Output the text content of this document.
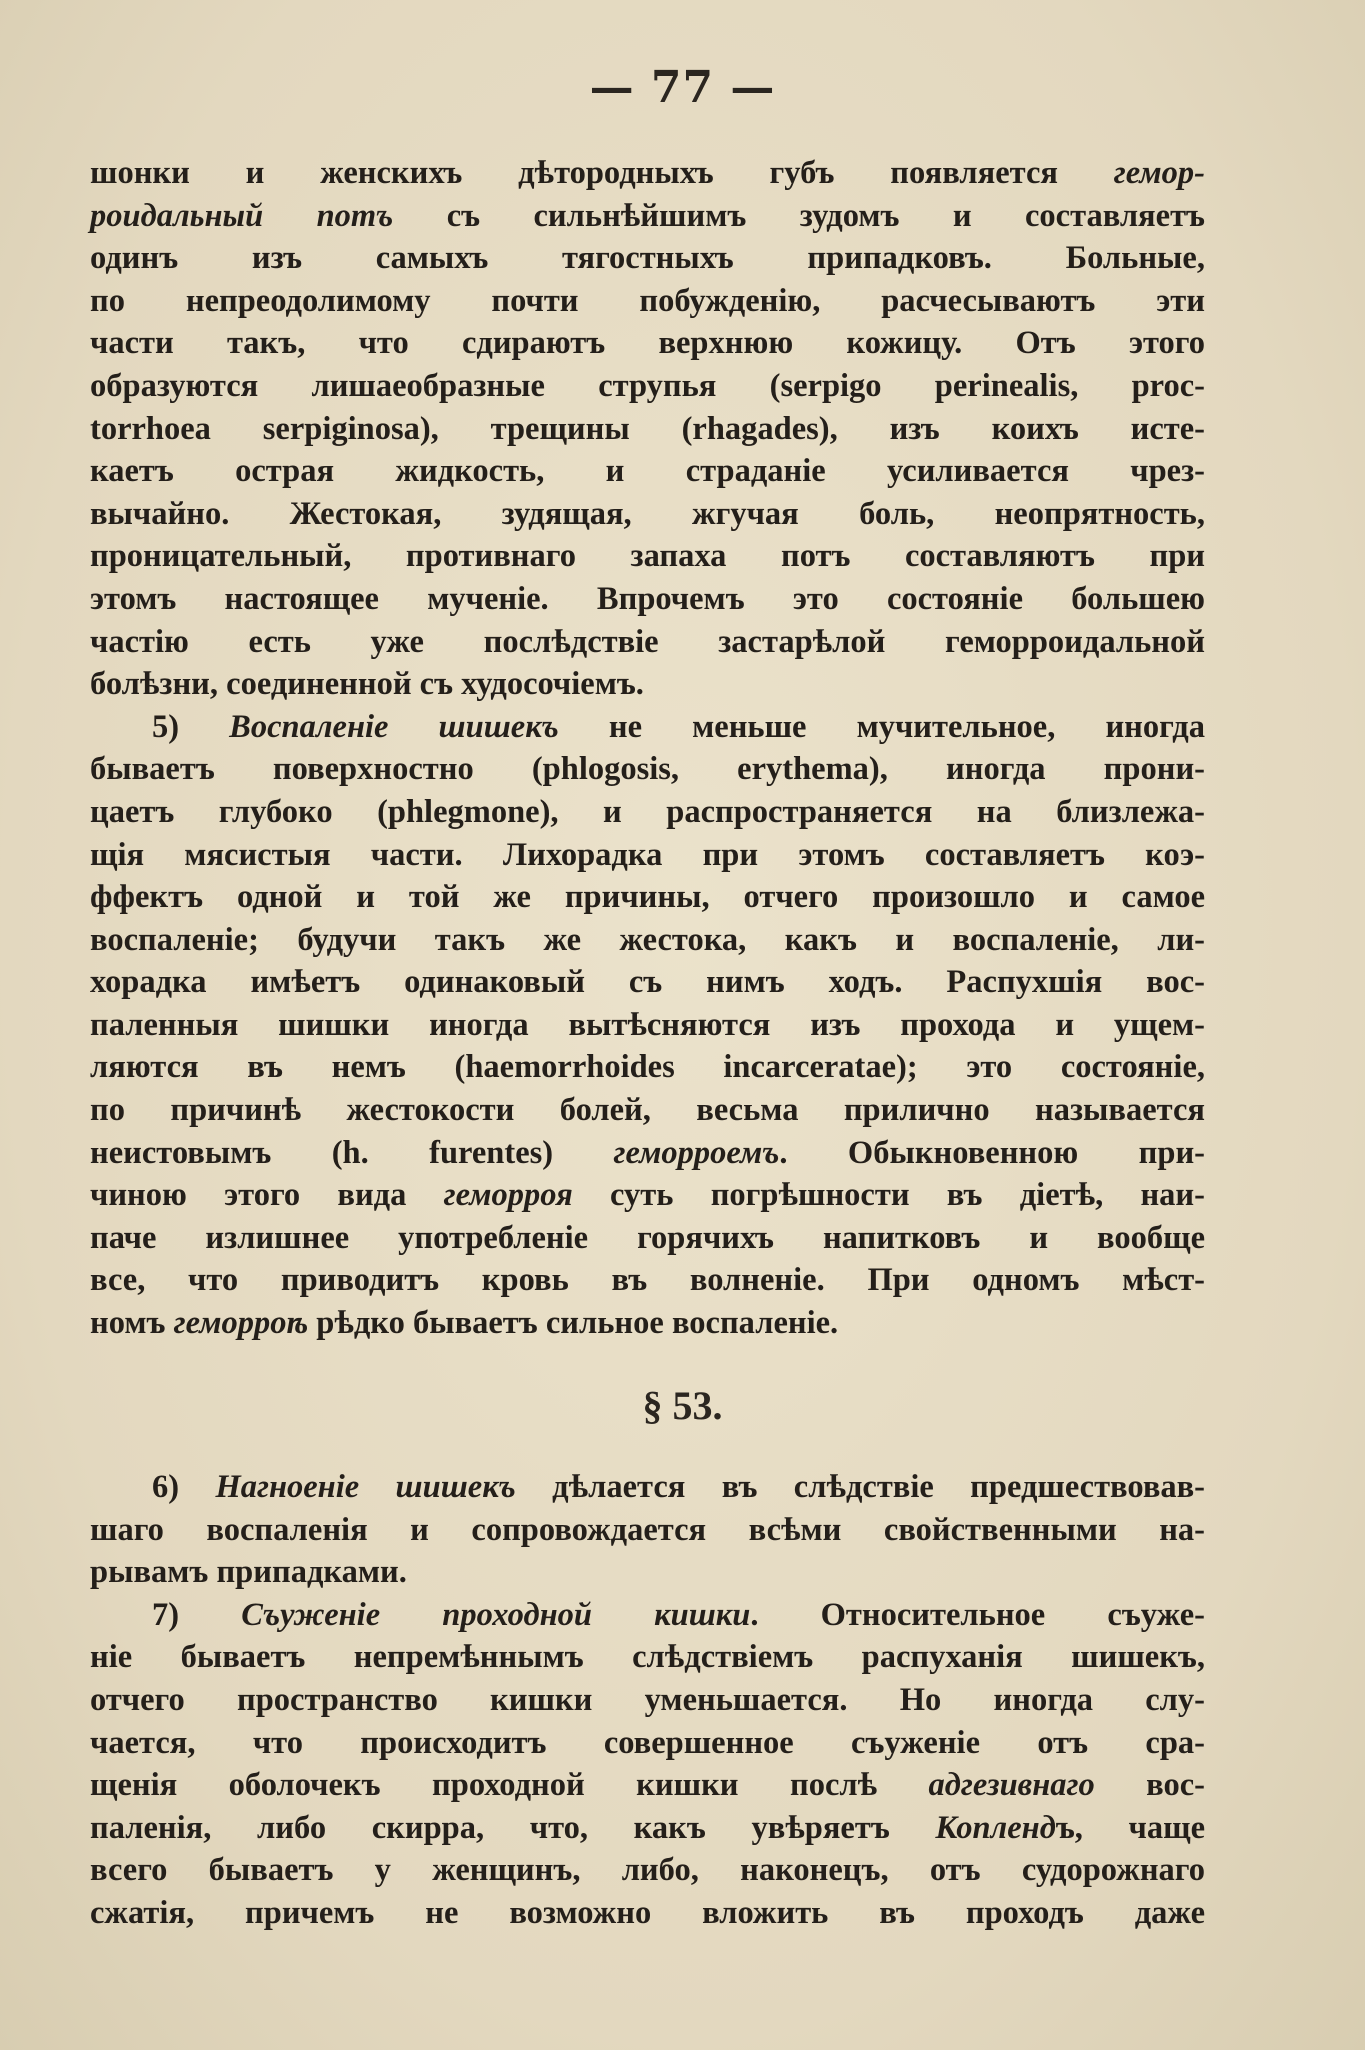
— 77 —
шонки и женскихъ дѣтородныхъ губъ появляется гемор-
роидальный потъ съ сильнѣйшимъ зудомъ и составляетъ
одинъ изъ самыхъ тягостныхъ припадковъ. Больные,
по непреодолимому почти побужденію, расчесываютъ эти
части такъ, что сдираютъ верхнюю кожицу. Отъ этого
образуются лишаеобразные струпья (serpigo perinealis, proc-
torrhoea serpiginosa), трещины (rhagades), изъ коихъ исте-
каетъ острая жидкость, и страданіе усиливается чрез-
вычайно. Жестокая, зудящая, жгучая боль, неопрятность,
проницательный, противнаго запаха потъ составляютъ при
этомъ настоящее мученіе. Впрочемъ это состояніе большею
частію есть уже послѣдствіе застарѣлой геморроидальной
болѣзни, соединенной съ худосочіемъ.
5) Воспаленіе шишекъ не меньше мучительное, иногда
бываетъ поверхностно (phlogosis, erythema), иногда прони-
цаетъ глубоко (phlegmone), и распространяется на близлежа-
щія мясистыя части. Лихорадка при этомъ составляетъ коэ-
ффектъ одной и той же причины, отчего произошло и самое
воспаленіе; будучи такъ же жестока, какъ и воспаленіе, ли-
хорадка имѣетъ одинаковый съ нимъ ходъ. Распухшія вос-
паленныя шишки иногда вытѣсняются изъ прохода и ущем-
ляются въ немъ (haemorrhoides incarceratae); это состояніе,
по причинѣ жестокости болей, весьма прилично называется
неистовымъ (h. furentes) геморроемъ. Обыкновенною при-
чиною этого вида геморроя суть погрѣшности въ діетѣ, наи-
паче излишнее употребленіе горячихъ напитковъ и вообще
все, что приводитъ кровь въ волненіе. При одномъ мѣст-
номъ геморроѣ рѣдко бываетъ сильное воспаленіе.
§ 53.
6) Нагноеніе шишекъ дѣлается въ слѣдствіе предшествовав-
шаго воспаленія и сопровождается всѣми свойственными на-
рывамъ припадками.
7) Съуженіе проходной кишки. Относительное съуже-
ніе бываетъ непремѣннымъ слѣдствіемъ распуханія шишекъ,
отчего пространство кишки уменьшается. Но иногда слу-
чается, что происходитъ совершенное съуженіе отъ сра-
щенія оболочекъ проходной кишки послѣ адгезивнаго вос-
паленія, либо скирра, что, какъ увѣряетъ Коплендъ, чаще
всего бываетъ у женщинъ, либо, наконецъ, отъ судорожнаго
сжатія, причемъ не возможно вложить въ проходъ даже
